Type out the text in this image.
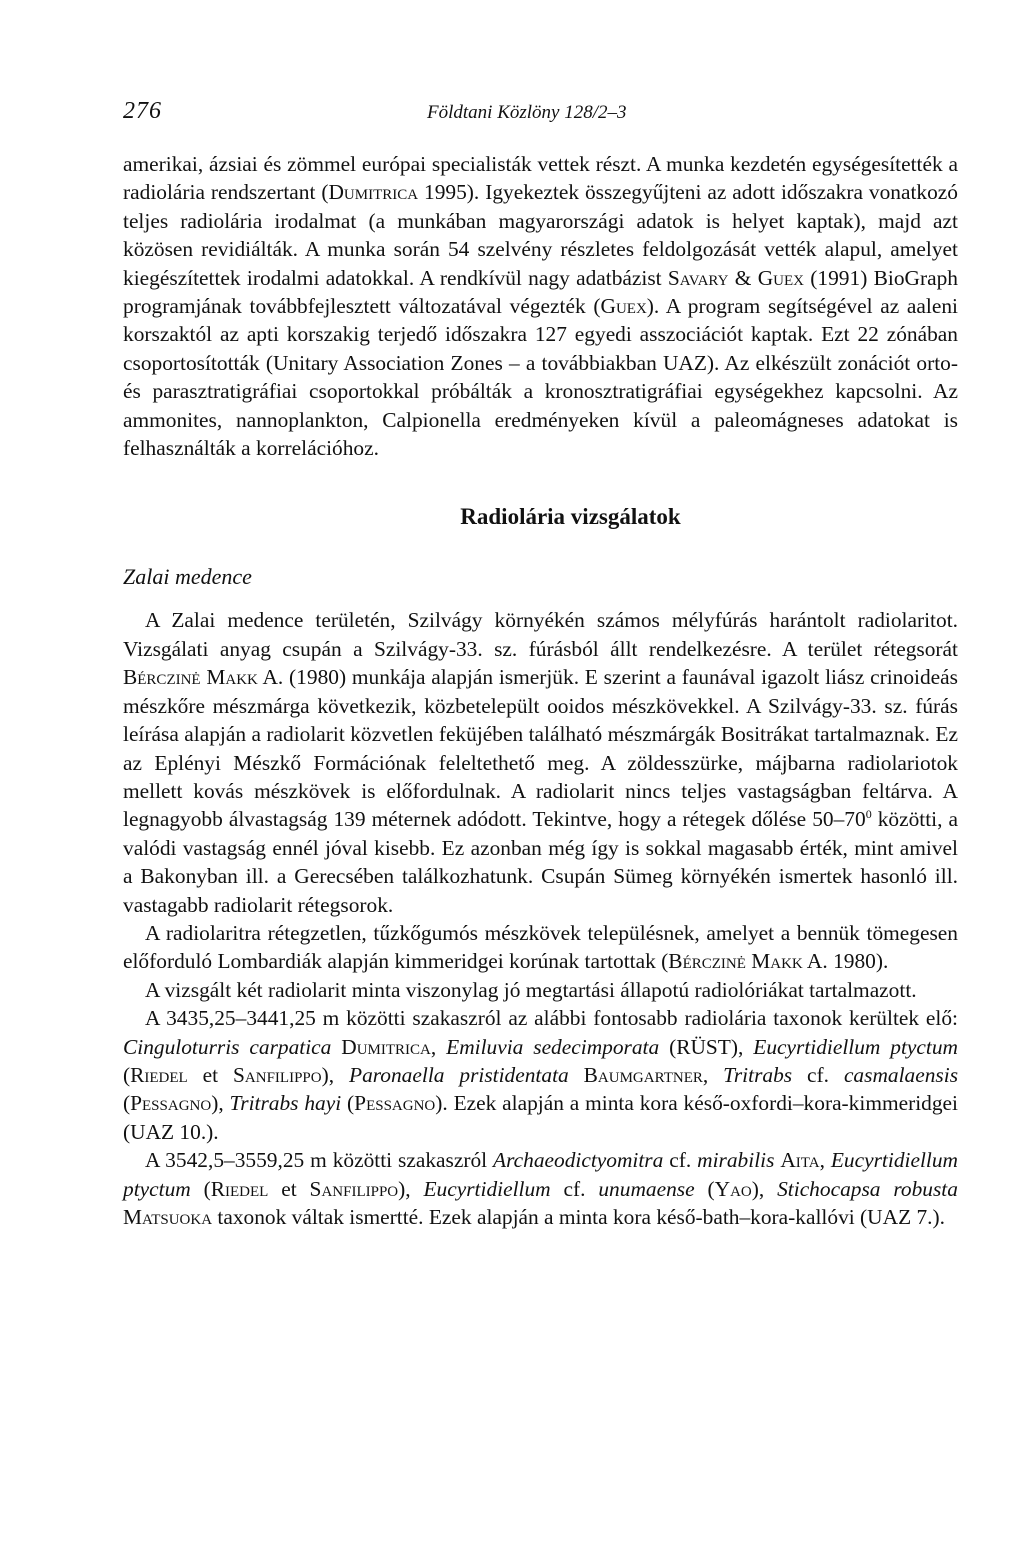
276	Földtani Közlöny 128/2–3

amerikai, ázsiai és zömmel európai specialisták vettek részt. A munka kezdetén egységesítették a radiolária rendszertant (Dumitrica 1995). Igyekeztek összegyűjteni az adott időszakra vonatkozó teljes radiolária irodalmat (a munkában magyarországi adatok is helyet kaptak), majd azt közösen revidiálták. A munka során 54 szelvény részletes feldolgozását vették alapul, amelyet kiegészítettek irodalmi adatokkal. A rendkívül nagy adatbázist Savary & Guex (1991) BioGraph programjának továbbfejlesztett változatával végezték (Guex). A program segítségével az aaleni korszaktól az apti korszakig terjedő időszakra 127 egyedi asszociációt kaptak. Ezt 22 zónában csoportosították (Unitary Association Zones – a továbbiakban UAZ). Az elkészült zonációt orto- és parasztratigráfiai csoportokkal próbálták a kronosztratigráfiai egységekhez kapcsolni. Az ammonites, nannoplankton, Calpionella eredményeken kívül a paleomágneses adatokat is felhasználták a korrelációhoz.

Radiolária vizsgálatok
Zalai medence

A Zalai medence területén, Szilvágy környékén számos mélyfúrás harántolt radiolaritot. Vizsgálati anyag csupán a Szilvágy-33. sz. fúrásból állt rendelkezésre. A terület rétegsorát Bérczinė Makk A. (1980) munkája alapján ismerjük. E szerint a faunával igazolt liász crinoideás mészkőre mészmárga következik, közbetelepült ooidos mészkövekkel. A Szilvágy-33. sz. fúrás leírása alapján a radiolarit közvetlen feküjében található mészmárgák Bositrákat tartalmaznak. Ez az Eplényi Mészkő Formációnak feleltethető meg. A zöldesszürke, májbarna radiolariotok mellett kovás mészkövek is előfordulnak. A radiolarit nincs teljes vastagságban feltárva. A legnagyobb álvastagság 139 méternek adódott. Tekintve, hogy a rétegek dőlése $50-70^0$ közötti, a valódi vastagság ennél jóval kisebb. Ez azonban még így is sokkal magasabb érték, mint amivel a Bakonyban ill. a Gerecsében találkozhatunk. Csupán Sümeg környékén ismertek hasonló ill. vastagabb radiolarit rétegsorok.

A radiolaritra rétegzetlen, tűzkőgumós mészkövek településnek, amelyet a bennük tömegesen előforduló Lombardiák alapján kimmeridgei korúnak tartottak (Bérczinė Makk A. 1980).

A vizsgált két radiolarit minta viszonylag jó megtartási állapotú radiolóriákat tartalmazott.

A 3435,25–3441,25 m közötti szakaszról az alábbi fontosabb radiolária taxonok kerültek elő: Cinguloturris carpatica Dumitrica, Emiluvia sedecimporata (RÜST), Eucyrtidiellum ptyctum (Riedel et Sanfilippo), Paronaella pristidentata Baumgartner, Tritrabs cf. casmalaensis (Pessagno), Tritrabs hayi (Pessagno). Ezek alapján a minta kora késő-oxfordi–kora-kimmeridgei (UAZ 10.).

A 3542,5–3559,25 m közötti szakaszról Archaeodictyomitra cf. mirabilis Aita, Eucyrtidiellum ptyctum (Riedel et Sanfilippo), Eucyrtidiellum cf. unumaense (Yao), Stichocapsa robusta Matsuoka taxonok váltak ismertté. Ezek alapján a minta kora késő-bath–kora-kallóvi (UAZ 7.).
